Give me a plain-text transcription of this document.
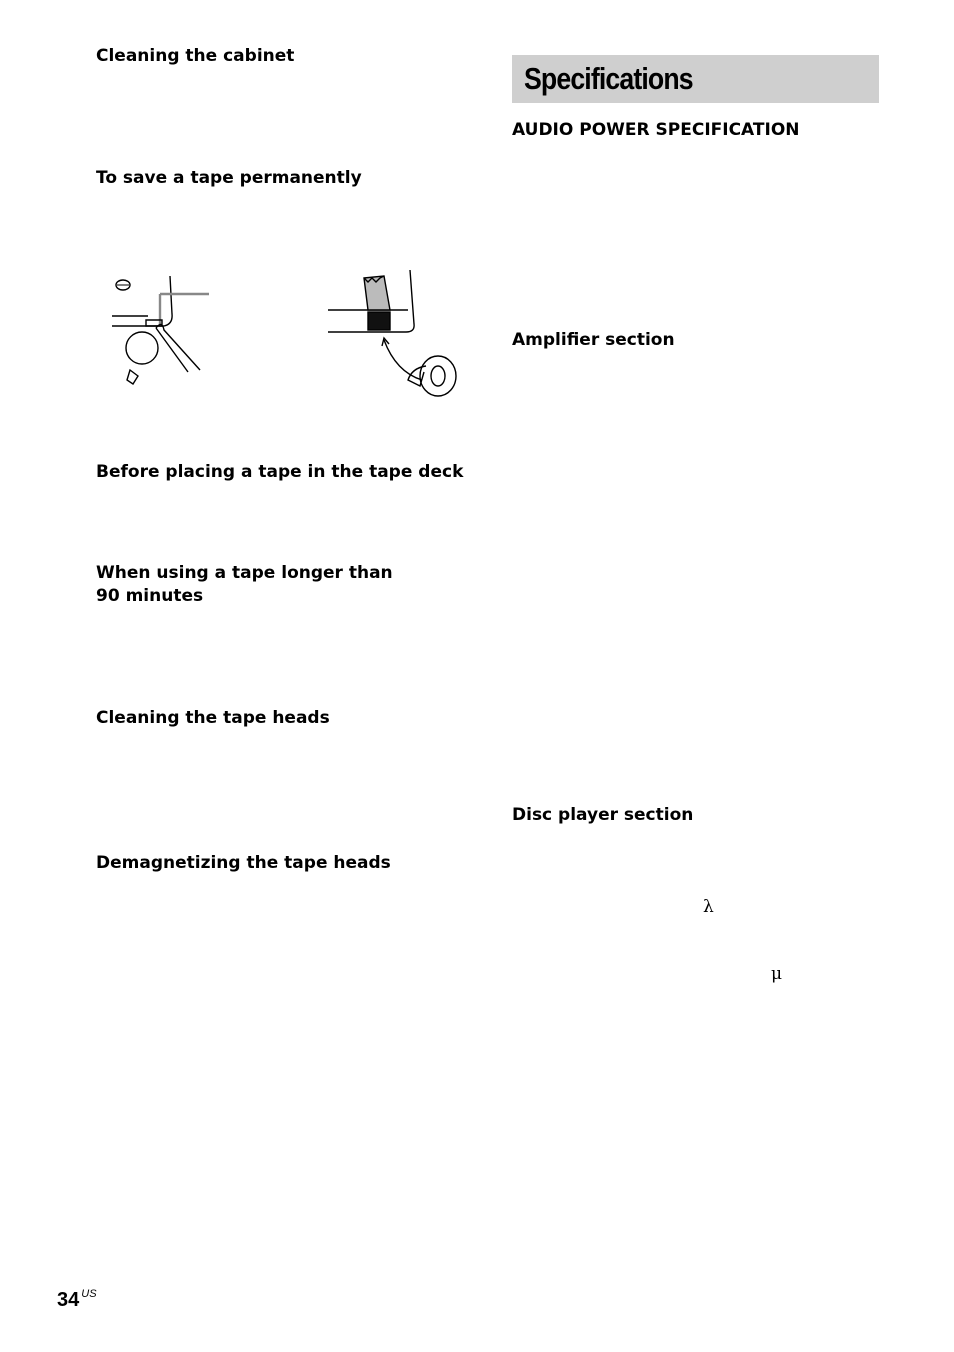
Cleaning the cabinet
To save a tape permanently
Before placing a tape in the tape deck
When using a tape longer than
90 minutes
Cleaning the tape heads
Demagnetizing the tape heads
Specifications
AUDIO POWER SPECIFICATION
Amplifier section
Disc player section
λ
μ
34 $^{US}$
